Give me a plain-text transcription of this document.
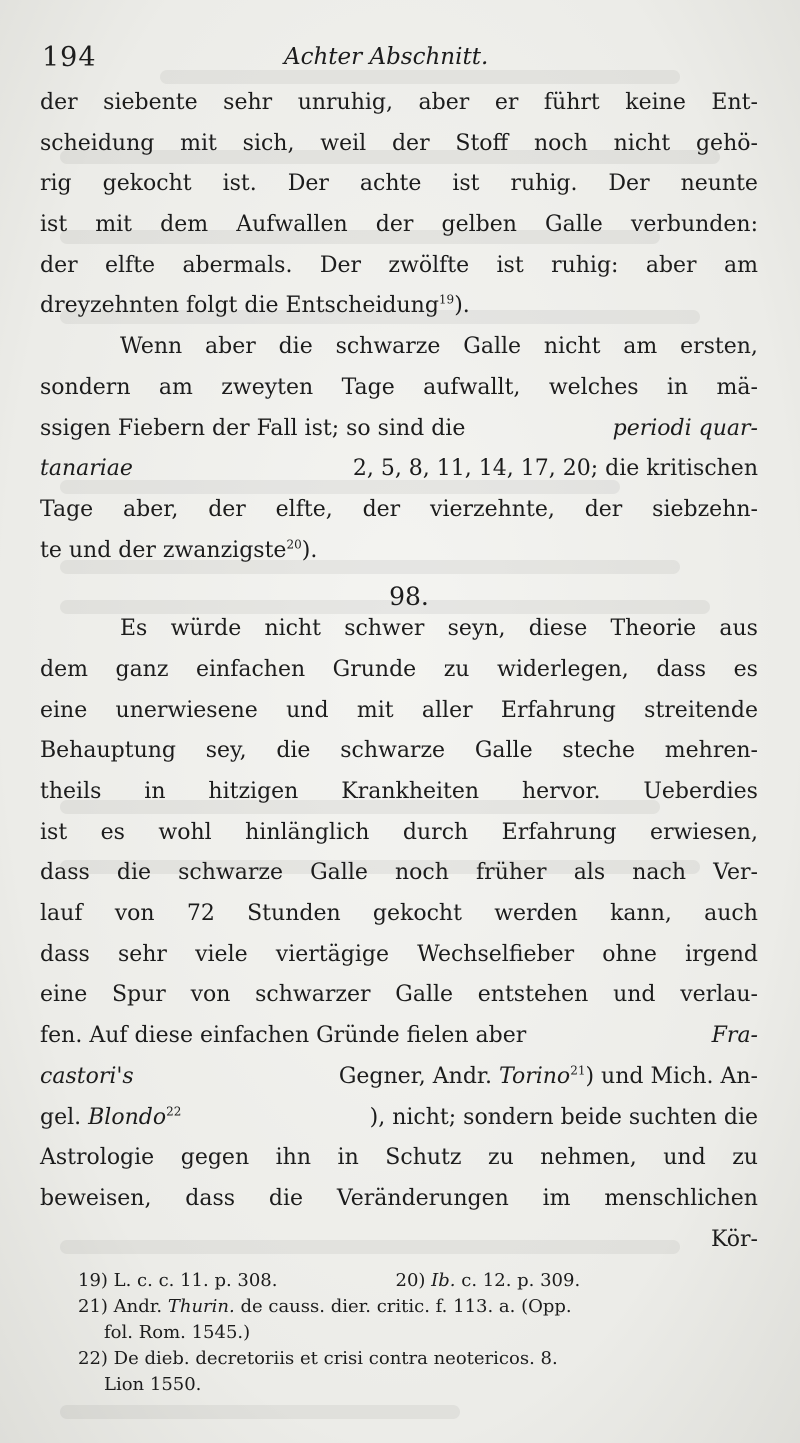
194	Achter Abschnitt.
der siebente sehr unruhig, aber er führt keine Ent-
scheidung mit sich, weil der Stoff noch nicht gehö-
rig gekocht ist. Der achte ist ruhig. Der neunte
ist mit dem Aufwallen der gelben Galle verbunden:
der elfte abermals. Der zwölfte ist ruhig: aber am
dreyzehnten folgt die Entscheidung$^{19}$).
Wenn aber die schwarze Galle nicht am ersten,
sondern am zweyten Tage aufwallt, welches in mä-
ssigen Fiebern der Fall ist; so sind die	periodi quar-
tanariae	2, 5, 8, 11, 14, 17, 20; die kritischen
Tage aber, der elfte, der vierzehnte, der siebzehn-
te und der zwanzigste$^{20}$).
98.
Es würde nicht schwer seyn, diese Theorie aus
dem ganz einfachen Grunde zu widerlegen, dass es
eine unerwiesene und mit aller Erfahrung streitende
Behauptung sey, die schwarze Galle steche mehren-
theils in hitzigen Krankheiten hervor. Ueberdies
ist es wohl hinlänglich durch Erfahrung erwiesen,
dass die schwarze Galle noch früher als nach Ver-
lauf von 72 Stunden gekocht werden kann, auch
dass sehr viele viertägige Wechselfieber ohne irgend
eine Spur von schwarzer Galle entstehen und verlau-
fen. Auf diese einfachen Gründe fielen aber	Fra-
castori's	Gegner, Andr. Torino$^{21}$) und Mich. An-
gel. Blondo$^{22}$	), nicht; sondern beide suchten die
Astrologie gegen ihn in Schutz zu nehmen, und zu
beweisen, dass die Veränderungen im menschlichen
Kör-
19) L. c. c. 11. p. 308.	20) Ib. c. 12. p. 309.
21) Andr.
Thurin.
de causs. dier. critic. f. 113. a. (Opp.
fol. Rom. 1545.)
22) De dieb. decretoriis et crisi contra neotericos. 8.
Lion 1550.
